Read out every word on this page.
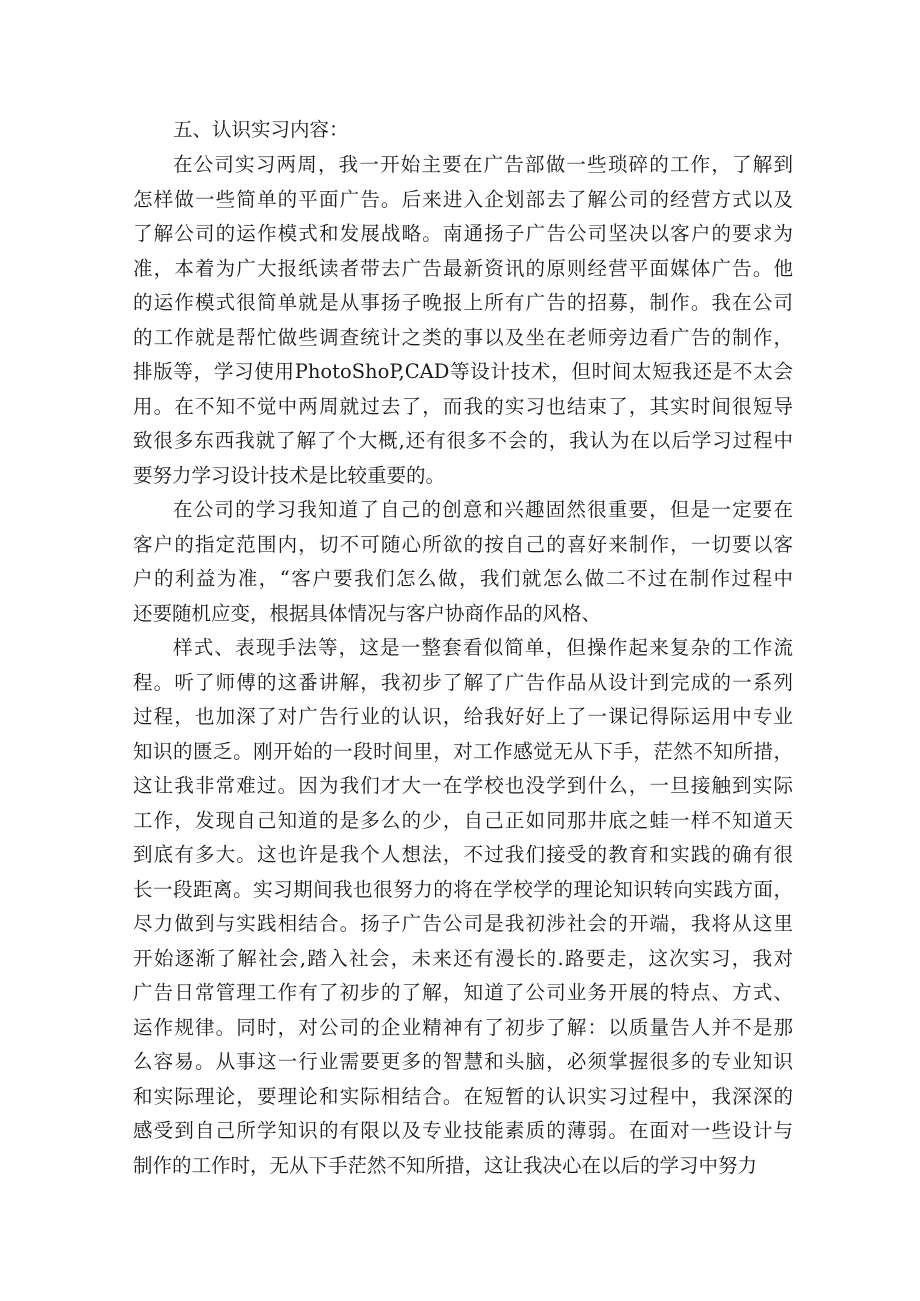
五、认识实习内容：

在公司实习两周，我一开始主要在广告部做一些琐碎的工作，了解到
怎样做一些简单的平面广告。后来进入企划部去了解公司的经营方式以及
了解公司的运作模式和发展战略。南通扬子广告公司坚决以客户的要求为
准，本着为广大报纸读者带去广告最新资讯的原则经营平面媒体广告。他
的运作模式很简单就是从事扬子晚报上所有广告的招募，制作。我在公司
的工作就是帮忙做些调查统计之类的事以及坐在老师旁边看广告的制作，
排版等，学习使用PhotoShoP,CAD等设计技术，但时间太短我还是不太会
用。在不知不觉中两周就过去了，而我的实习也结束了，其实时间很短导
致很多东西我就了解了个大概,还有很多不会的，我认为在以后学习过程中
要努力学习设计技术是比较重要的。

在公司的学习我知道了自己的创意和兴趣固然很重要，但是一定要在
客户的指定范围内，切不可随心所欲的按自己的喜好来制作，一切要以客
户的利益为准，“客户要我们怎么做，我们就怎么做二不过在制作过程中
还要随机应变，根据具体情况与客户协商作品的风格、

样式、表现手法等，这是一整套看似简单，但操作起来复杂的工作流
程。听了师傅的这番讲解，我初步了解了广告作品从设计到完成的一系列
过程，也加深了对广告行业的认识，给我好好上了一课记得际运用中专业
知识的匮乏。刚开始的一段时间里，对工作感觉无从下手，茫然不知所措，
这让我非常难过。因为我们才大一在学校也没学到什么，一旦接触到实际
工作，发现自己知道的是多么的少，自己正如同那井底之蛙一样不知道天
到底有多大。这也许是我个人想法，不过我们接受的教育和实践的确有很
长一段距离。实习期间我也很努力的将在学校学的理论知识转向实践方面，
尽力做到与实践相结合。扬子广告公司是我初涉社会的开端，我将从这里
开始逐渐了解社会,踏入社会，未来还有漫长的.路要走，这次实习，我对
广告日常管理工作有了初步的了解，知道了公司业务开展的特点、方式、
运作规律。同时，对公司的企业精神有了初步了解：以质量告人并不是那
么容易。从事这一行业需要更多的智慧和头脑，必须掌握很多的专业知识
和实际理论，要理论和实际相结合。在短暂的认识实习过程中，我深深的
感受到自己所学知识的有限以及专业技能素质的薄弱。在面对一些设计与
制作的工作时，无从下手茫然不知所措，这让我决心在以后的学习中努力
